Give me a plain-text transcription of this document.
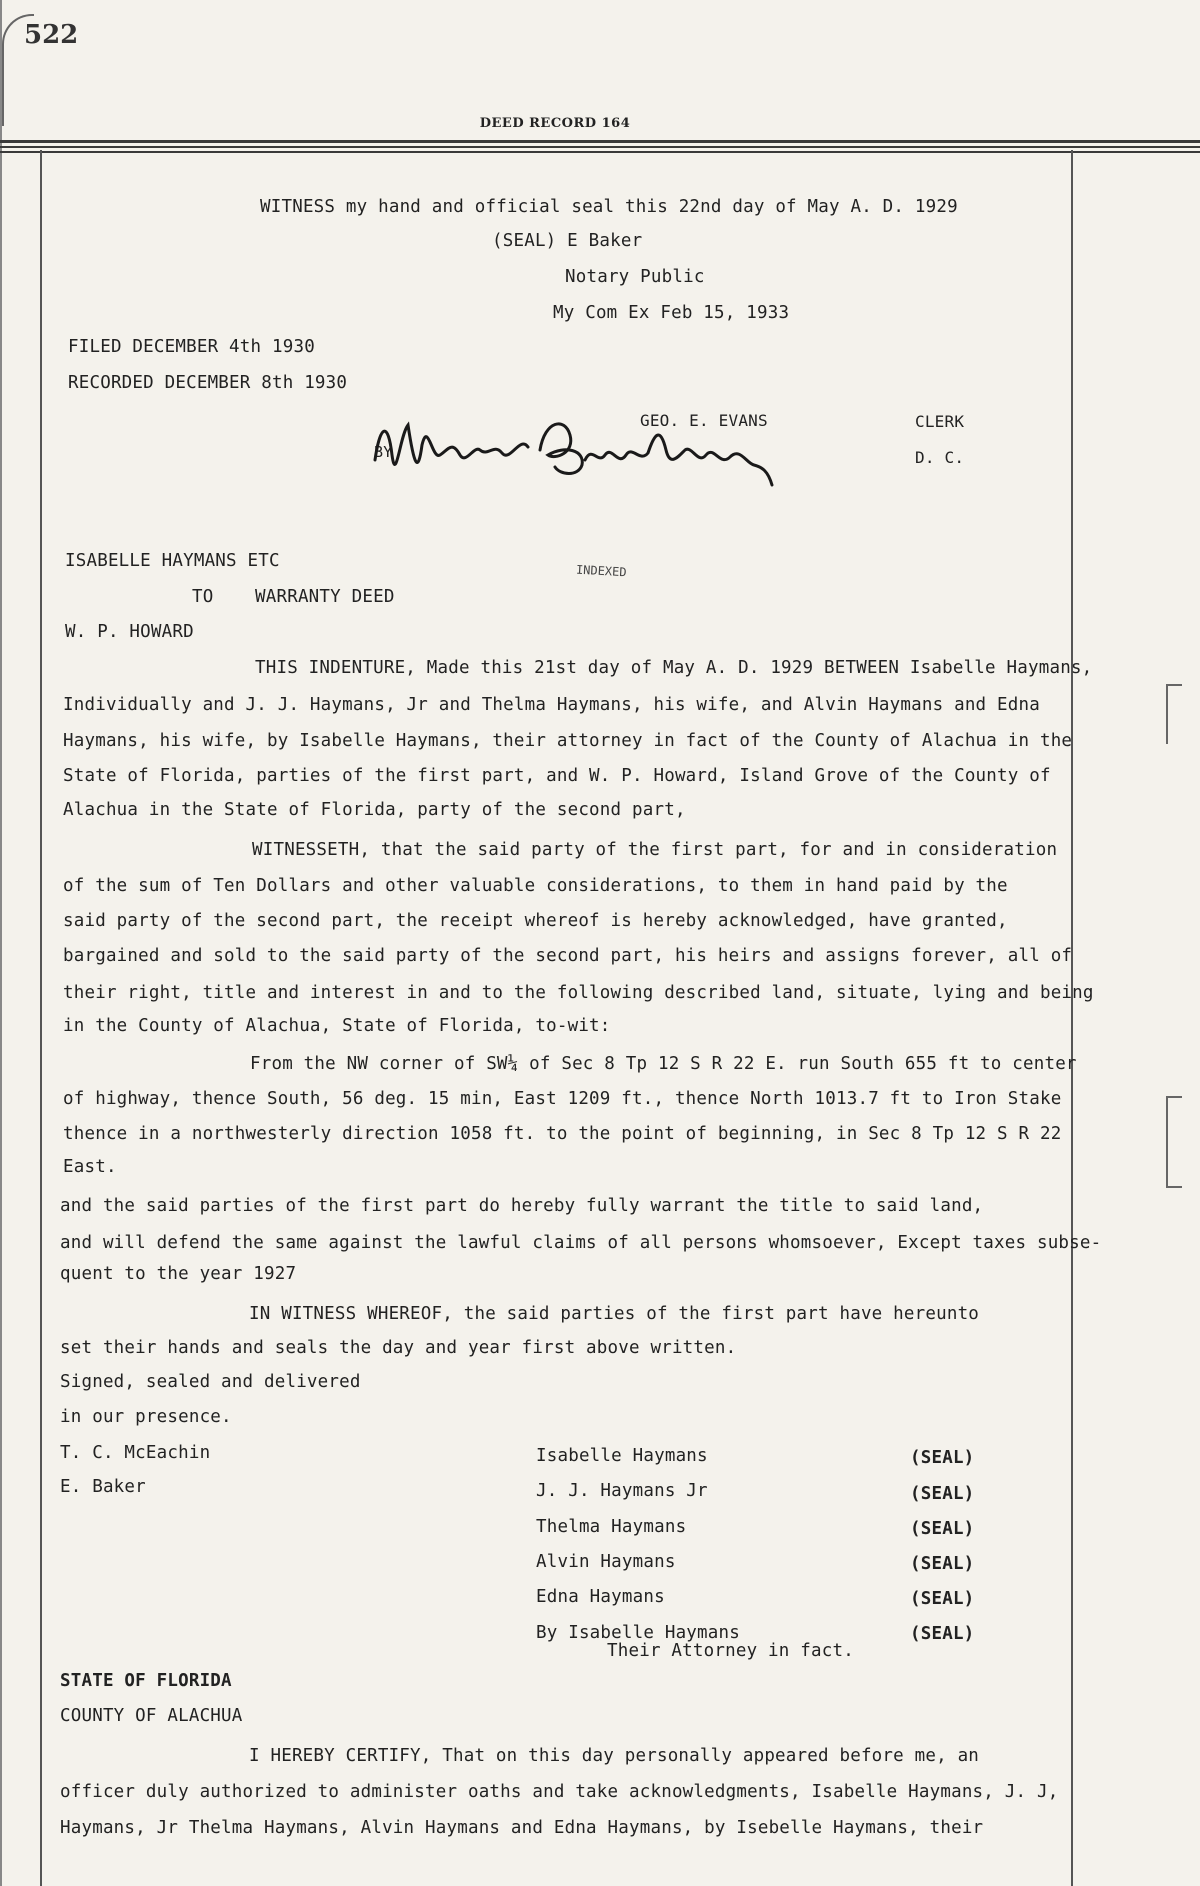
522
DEED RECORD 164
WITNESS my hand and official seal this 22nd day of May A. D. 1929
(SEAL) E Baker
Notary Public
My Com Ex Feb 15, 1933
FILED DECEMBER 4th 1930
RECORDED DECEMBER 8th 1930
GEO. E. EVANS	CLERK
BY	D. C.
INDEXED
ISABELLE HAYMANS ETC
TO WARRANTY DEED
W. P. HOWARD
THIS INDENTURE, Made this 21st day of May A. D. 1929 BETWEEN Isabelle Haymans,
Individually and J. J. Haymans, Jr and Thelma Haymans, his wife, and Alvin Haymans and Edna
Haymans, his wife, by Isabelle Haymans, their attorney in fact of the County of Alachua in the
State of Florida, parties of the first part, and W. P. Howard, Island Grove of the County of
Alachua in the State of Florida, party of the second part,
WITNESSETH, that the said party of the first part, for and in consideration
of the sum of Ten Dollars and other valuable considerations, to them in hand paid by the
said party of the second part, the receipt whereof is hereby acknowledged, have granted,
bargained and sold to the said party of the second part, his heirs and assigns forever, all of
their right, title and interest in and to the following described land, situate, lying and being
in the County of Alachua, State of Florida, to-wit:
From the NW corner of SW¼ of Sec 8 Tp 12 S R 22 E. run South 655 ft to center
of highway, thence South, 56 deg. 15 min, East 1209 ft., thence North 1013.7 ft to Iron Stake
thence in a northwesterly direction 1058 ft. to the point of beginning, in Sec 8 Tp 12 S R 22
East.
and the said parties of the first part do hereby fully warrant the title to said land,
and will defend the same against the lawful claims of all persons whomsoever, Except taxes subse-
quent to the year 1927
IN WITNESS WHEREOF, the said parties of the first part have hereunto
set their hands and seals the day and year first above written.
Signed, sealed and delivered
in our presence.
T. C. McEachin
E. Baker
Isabelle Haymans	(SEAL)
J. J. Haymans Jr	(SEAL)
Thelma Haymans	(SEAL)
Alvin Haymans	(SEAL)
Edna Haymans	(SEAL)
By Isabelle Haymans	(SEAL)
Their Attorney in fact.
STATE OF FLORIDA
COUNTY OF ALACHUA
I HEREBY CERTIFY, That on this day personally appeared before me, an
officer duly authorized to administer oaths and take acknowledgments, Isabelle Haymans, J. J,
Haymans, Jr Thelma Haymans, Alvin Haymans and Edna Haymans, by Isebelle Haymans, their
